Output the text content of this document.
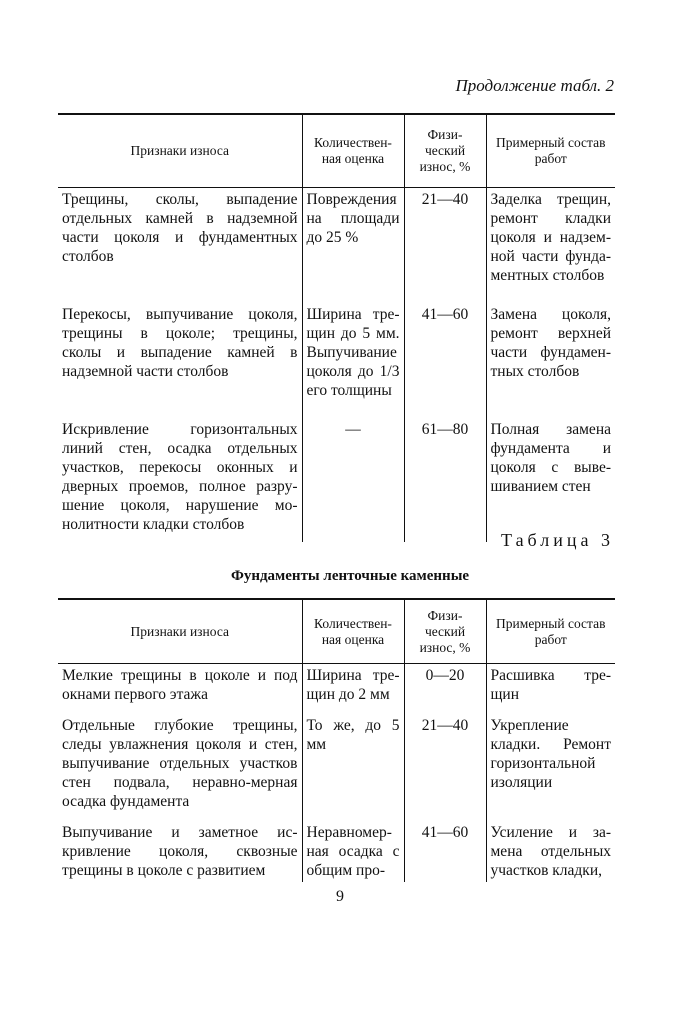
Продолжение табл. 2
Признаки износа	Количествен-ная оценка	Физи-ческий износ, %	Примерный состав работ
Трещины, сколы, выпадение отдельных камней в надземной части цоколя и фундаментных столбов	Повреждения на площади до 25 %	21—40	Заделка трещин, ремонт кладки цоколя и надзем-ной части фунда-ментных столбов
Перекосы, выпучивание цоколя, трещины в цоколе; трещины, сколы и выпадение камней в надземной части столбов	Ширина тре-щин до 5 мм. Выпучивание цоколя до 1/3 его толщины	41—60	Замена цоколя, ремонт верхней части фундамен-тных столбов
Искривление горизонтальных линий стен, осадка отдельных участков, перекосы оконных и дверных проемов, полное разру-шение цоколя, нарушение мо-нолитности кладки столбов	—	61—80	Полная замена фундамента и цоколя с выве-шиванием стен
Таблица 3
Фундаменты ленточные каменные
Признаки износа	Количествен-ная оценка	Физи-ческий износ, %	Примерный состав работ
Мелкие трещины в цоколе и под окнами первого этажа	Ширина тре-щин до 2 мм	0—20	Расшивка тре-щин
Отдельные глубокие трещины, следы увлажнения цоколя и стен, выпучивание отдельных участков стен подвала, неравно-мерная осадка фундамента	То же, до 5 мм	21—40	Укрепление кладки. Ремонт горизонтальной изоляции
Выпучивание и заметное ис-кривление цоколя, сквозные трещины в цоколе с развитием	Неравномер-ная осадка с общим про-	41—60	Усиление и за-мена отдельных участков кладки,
9
